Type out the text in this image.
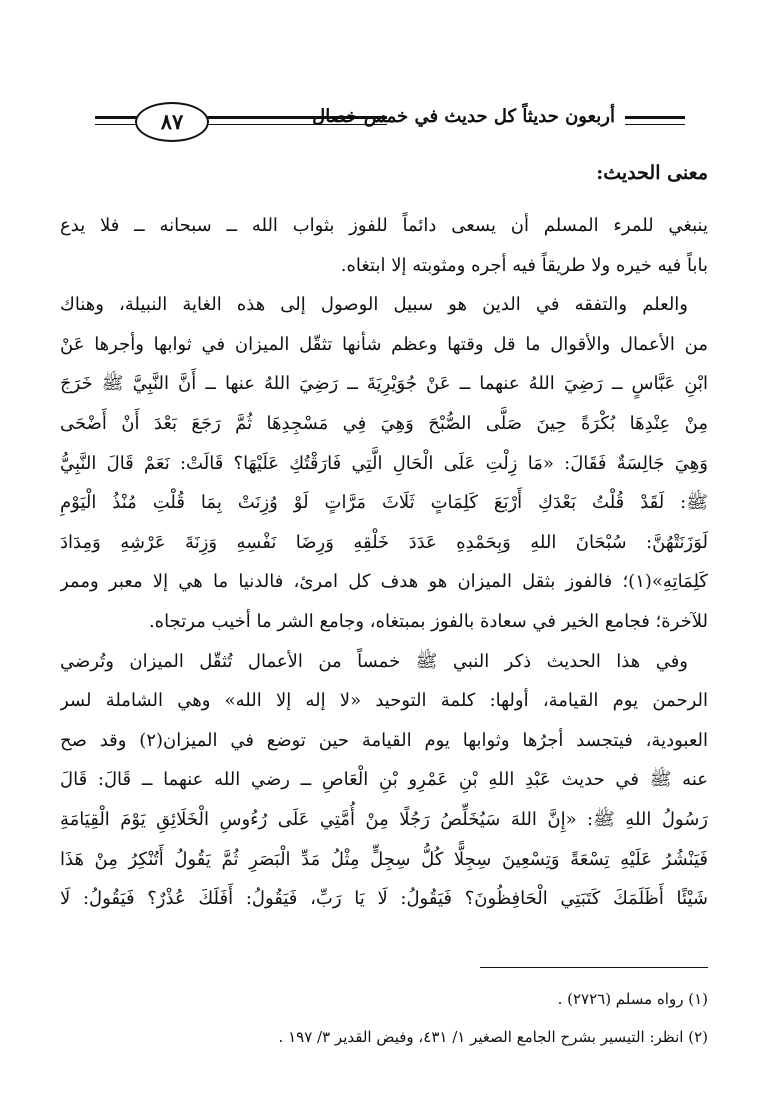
٨٧	أربعون حديثاً كل حديث في خمس خصال
معنى الحديث:
ينبغي للمرء المسلم أن يسعى دائماً للفوز بثواب الله ــ سبحانه ــ فلا يدع
باباً فيه خيره ولا طريقاً فيه أجره ومثوبته إلا ابتغاه.
والعلم والتفقه في الدين هو سبيل الوصول إلى هذه الغاية النبيلة، وهناك
من الأعمال والأقوال ما قل وقتها وعظم شأنها تثقّل الميزان في ثوابها وأجرها عَنْ
ابْنِ عَبَّاسٍ ــ رَضِيَ اللهُ عنهما ــ عَنْ جُوَيْرِيَةَ ــ رَضِيَ اللهُ عنها ــ أَنَّ النَّبِيَّ ﷺ خَرَجَ
مِنْ عِنْدِهَا بُكْرَةً حِينَ صَلَّى الصُّبْحَ وَهِيَ فِي مَسْجِدِهَا ثُمَّ رَجَعَ بَعْدَ أَنْ أَضْحَى
وَهِيَ جَالِسَةٌ فَقَالَ: «مَا زِلْتِ عَلَى الْحَالِ الَّتِي فَارَقْتُكِ عَلَيْهَا؟ قَالَتْ: نَعَمْ قَالَ النَّبِيُّ
ﷺ: لَقَدْ قُلْتُ بَعْدَكِ أَرْبَعَ كَلِمَاتٍ ثَلَاثَ مَرَّاتٍ لَوْ وُزِنَتْ بِمَا قُلْتِ مُنْذُ الْيَوْمِ
لَوَزَنَتْهُنَّ: سُبْحَانَ اللهِ وَبِحَمْدِهِ عَدَدَ خَلْقِهِ وَرِضَا نَفْسِهِ وَزِنَةَ عَرْشِهِ وَمِدَادَ
كَلِمَاتِهِ»(١)؛ فالفوز بثقل الميزان هو هدف كل امرئ، فالدنيا ما هي إلا معبر وممر
للآخرة؛ فجامع الخير في سعادة بالفوز بمبتغاه، وجامع الشر ما أخيب مرتجاه.
وفي هذا الحديث ذكر النبي ﷺ خمساً من الأعمال تُثقّل الميزان وتُرضي
الرحمن يوم القيامة، أولها: كلمة التوحيد «لا إله إلا الله» وهي الشاملة لسر
العبودية، فيتجسد أجرُها وثوابها يوم القيامة حين توضع في الميزان(٢) وقد صح
عنه ﷺ في حديث عَبْدِ اللهِ بْنِ عَمْرِو بْنِ الْعَاصِ ــ رضي الله عنهما ــ قَالَ: قَالَ
رَسُولُ اللهِ ﷺ: «إِنَّ اللهَ سَيُخَلِّصُ رَجُلًا مِنْ أُمَّتِي عَلَى رُءُوسِ الْخَلَائِقِ يَوْمَ الْقِيَامَةِ
فَيَنْشُرُ عَلَيْهِ تِسْعَةً وَتِسْعِينَ سِجِلًّا كُلُّ سِجِلٍّ مِثْلُ مَدِّ الْبَصَرِ ثُمَّ يَقُولُ أَتُنْكِرُ مِنْ هَذَا
شَيْئًا أَظَلَمَكَ كَتَبَتِي الْحَافِظُونَ؟ فَيَقُولُ: لَا يَا رَبِّ، فَيَقُولُ: أَفَلَكَ عُذْرٌ؟ فَيَقُولُ: لَا
(١) رواه مسلم (٢٧٢٦) .
(٢) انظر: التيسير بشرح الجامع الصغير ١/ ٤٣١، وفيض القدير ٣/ ١٩٧ .
